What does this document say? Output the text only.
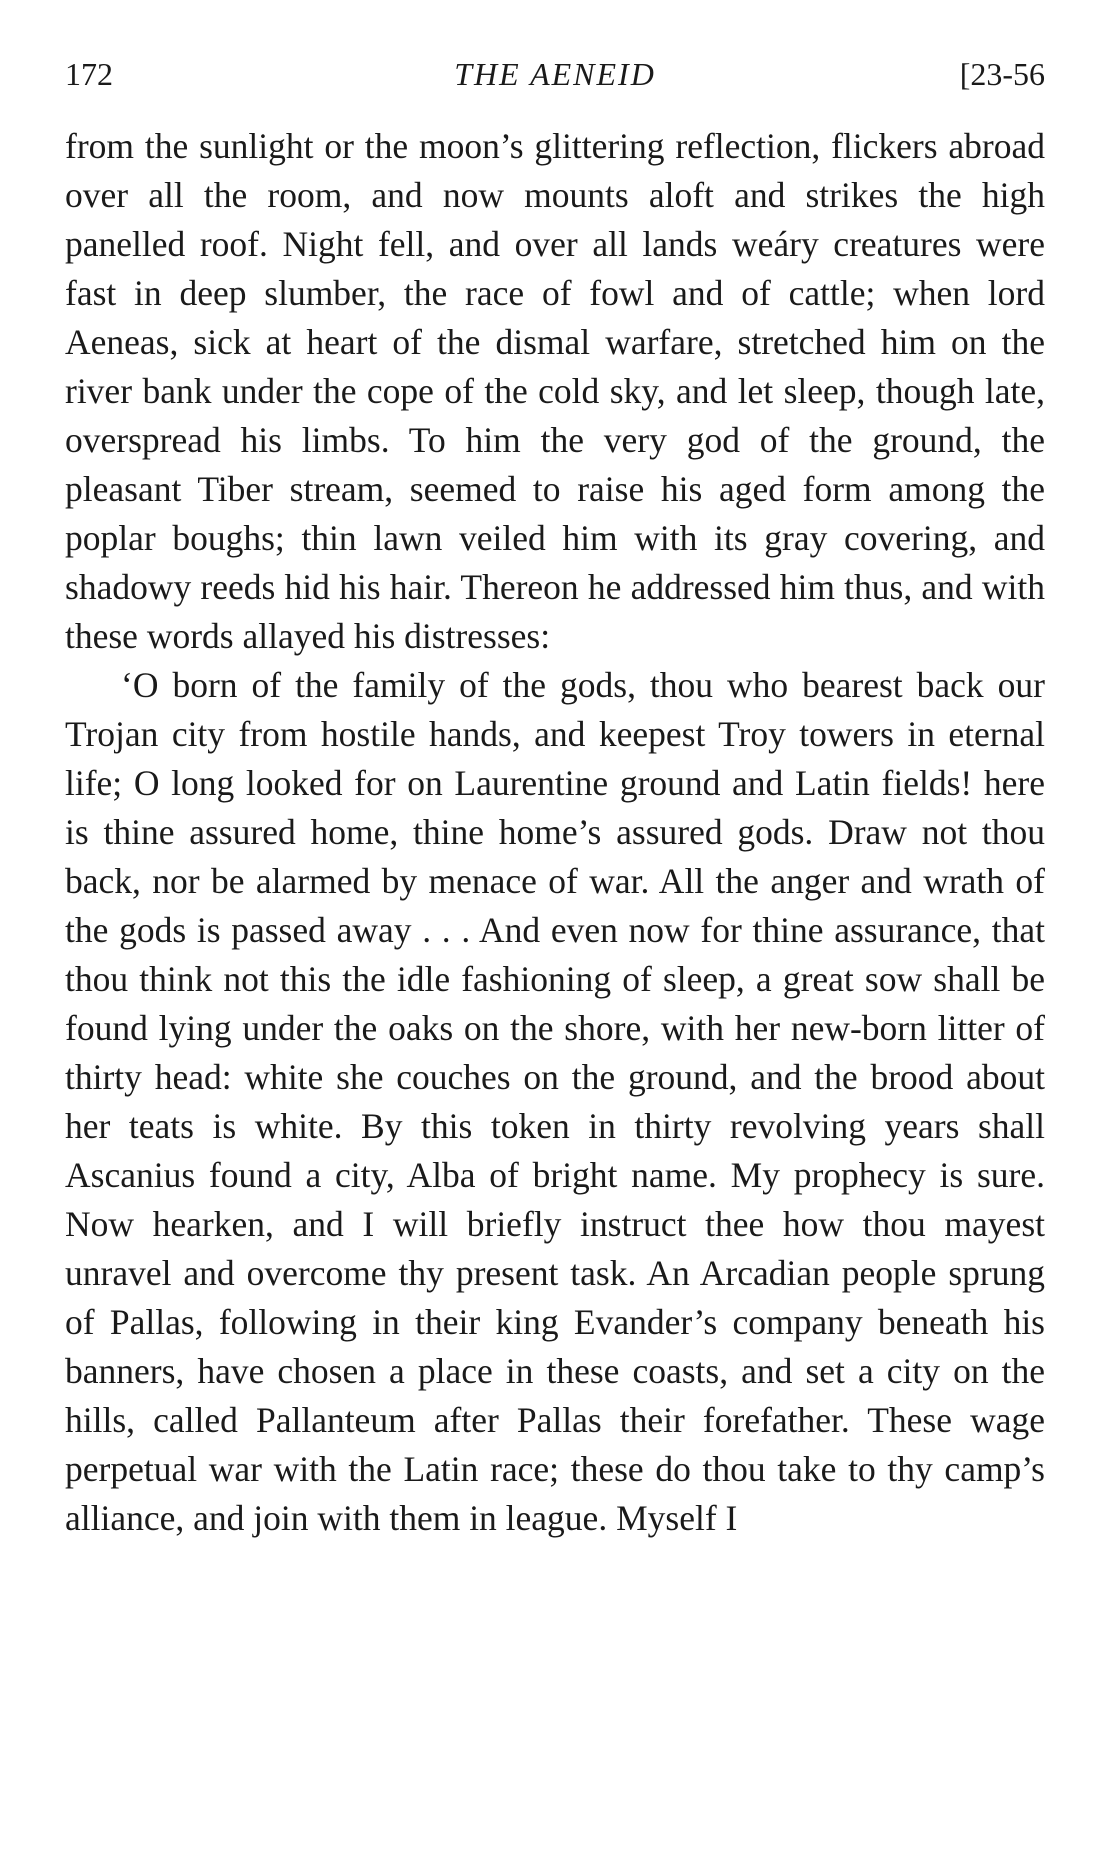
172	THE AENEID	[23-56

from the sunlight or the moon’s glittering reflection, flickers abroad over all the room, and now mounts aloft and strikes the high panelled roof. Night fell, and over all lands weáry creatures were fast in deep slumber, the race of fowl and of cattle; when lord Aeneas, sick at heart of the dismal warfare, stretched him on the river bank under the cope of the cold sky, and let sleep, though late, overspread his limbs. To him the very god of the ground, the pleasant Tiber stream, seemed to raise his aged form among the poplar boughs; thin lawn veiled him with its gray covering, and shadowy reeds hid his hair. Thereon he addressed him thus, and with these words allayed his distresses:

‘O born of the family of the gods, thou who bearest back our Trojan city from hostile hands, and keepest Troy towers in eternal life; O long looked for on Laurentine ground and Latin fields! here is thine assured home, thine home’s assured gods. Draw not thou back, nor be alarmed by menace of war. All the anger and wrath of the gods is passed away . . . And even now for thine assurance, that thou think not this the idle fashioning of sleep, a great sow shall be found lying under the oaks on the shore, with her new-born litter of thirty head: white she couches on the ground, and the brood about her teats is white. By this token in thirty revolving years shall Ascanius found a city, Alba of bright name. My prophecy is sure. Now hearken, and I will briefly instruct thee how thou mayest unravel and overcome thy present task. An Arcadian people sprung of Pallas, following in their king Evander’s company beneath his banners, have chosen a place in these coasts, and set a city on the hills, called Pallanteum after Pallas their forefather. These wage perpetual war with the Latin race; these do thou take to thy camp’s alliance, and join with them in league. Myself I
